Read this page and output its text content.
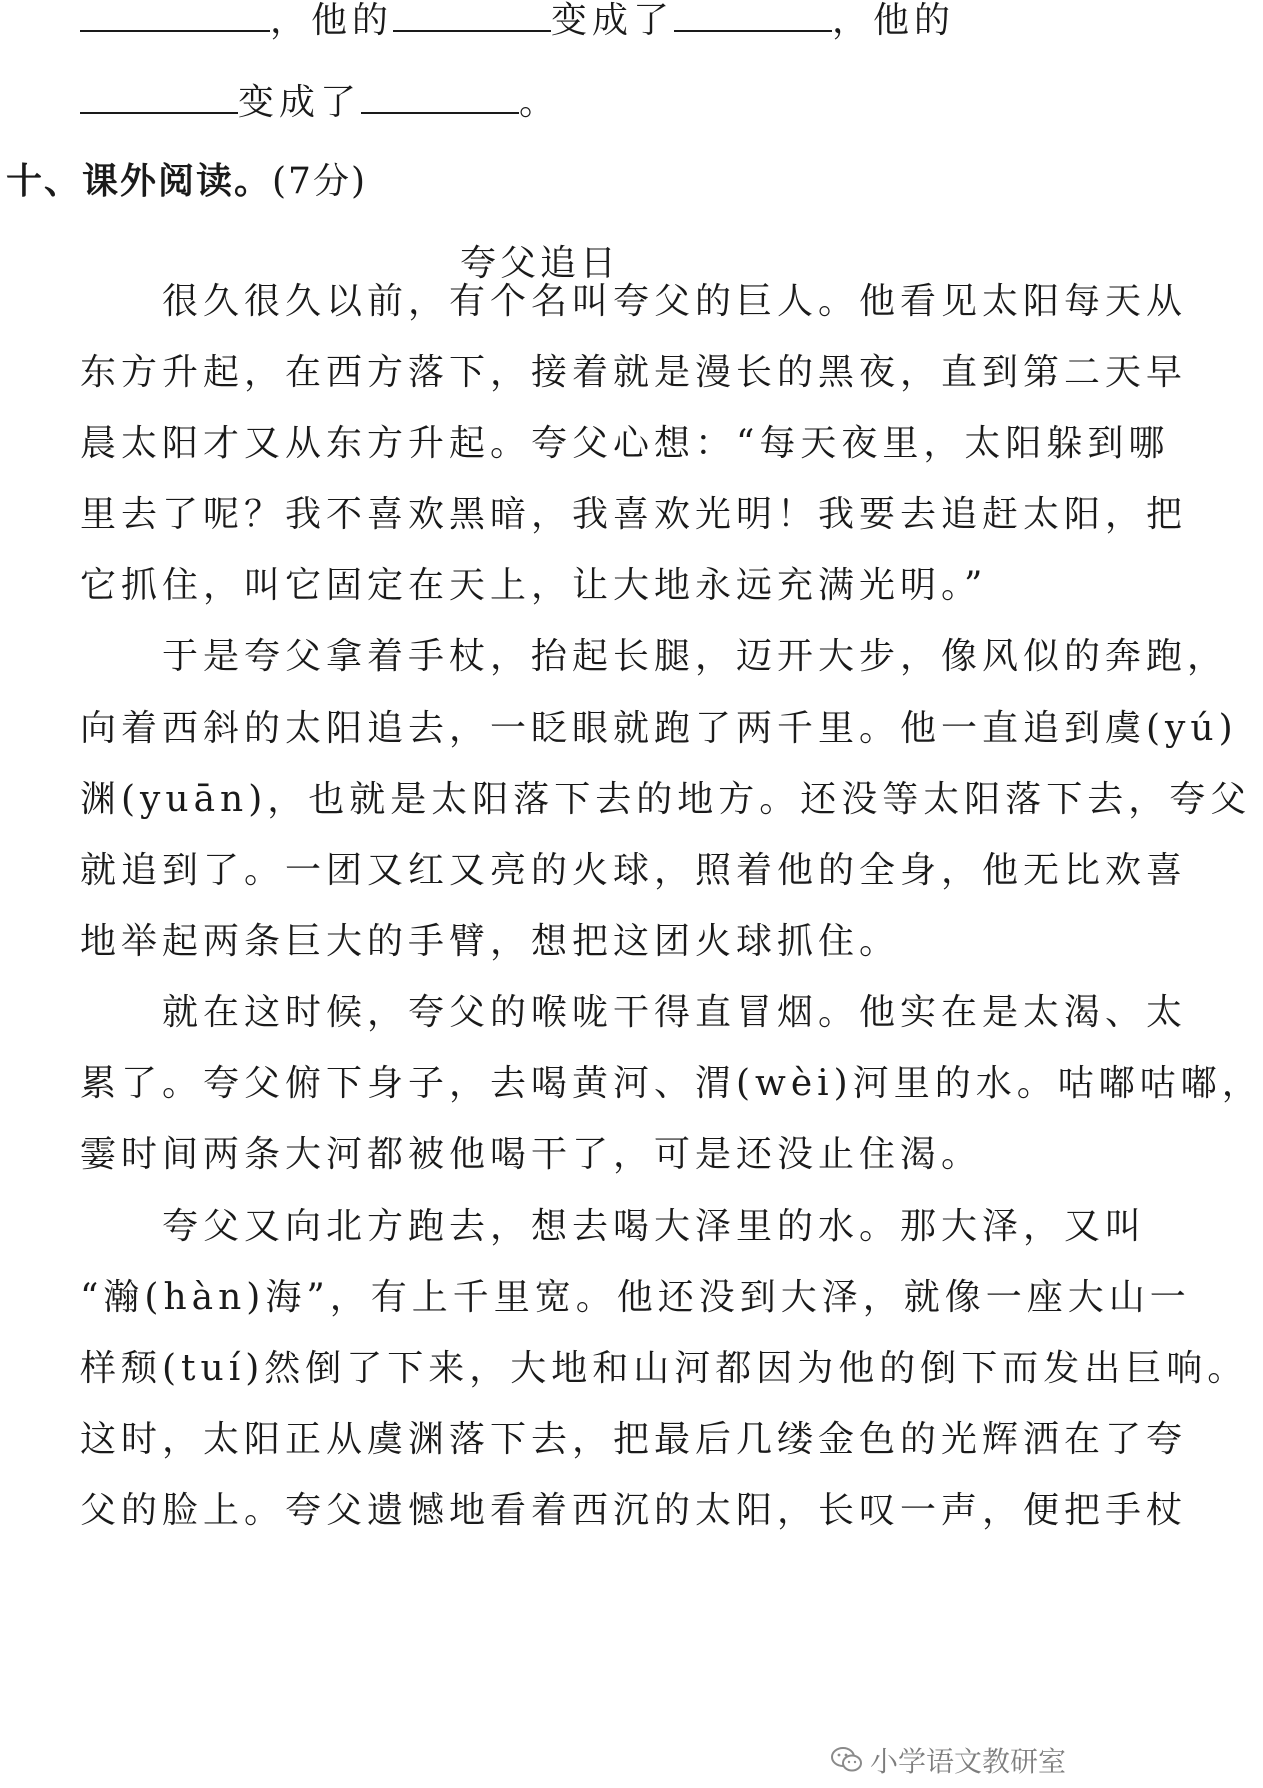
，他的	变成了	，他的
变成了	。
十、课外阅读。(7分)
夸父追日
　　很久很久以前，有个名叫夸父的巨人。他看见太阳每天从
东方升起，在西方落下，接着就是漫长的黑夜，直到第二天早
晨太阳才又从东方升起。夸父心想：“每天夜里，太阳躲到哪
里去了呢？我不喜欢黑暗，我喜欢光明！我要去追赶太阳，把
它抓住，叫它固定在天上，让大地永远充满光明。”
　　于是夸父拿着手杖，抬起长腿，迈开大步，像风似的奔跑，
向着西斜的太阳追去，一眨眼就跑了两千里。他一直追到虞(yú)
渊(yuān)，也就是太阳落下去的地方。还没等太阳落下去，夸父
就追到了。一团又红又亮的火球，照着他的全身，他无比欢喜
地举起两条巨大的手臂，想把这团火球抓住。
　　就在这时候，夸父的喉咙干得直冒烟。他实在是太渴、太
累了。夸父俯下身子，去喝黄河、渭(wèi)河里的水。咕嘟咕嘟，
霎时间两条大河都被他喝干了，可是还没止住渴。
　　夸父又向北方跑去，想去喝大泽里的水。那大泽，又叫
“瀚(hàn)海”，有上千里宽。他还没到大泽，就像一座大山一
样颓(tuí)然倒了下来，大地和山河都因为他的倒下而发出巨响。
这时，太阳正从虞渊落下去，把最后几缕金色的光辉洒在了夸
父的脸上。夸父遗憾地看着西沉的太阳，长叹一声，便把手杖
小学语文教研室
